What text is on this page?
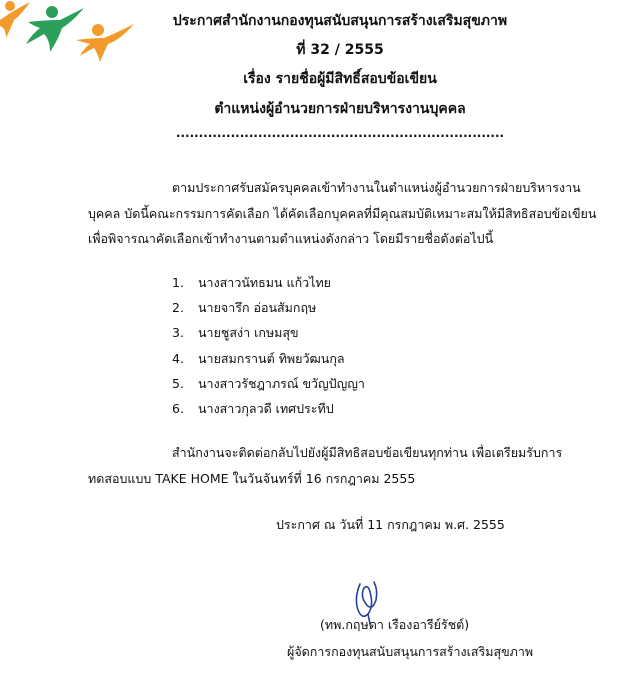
ประกาศสำนักงานกองทุนสนับสนุนการสร้างเสริมสุขภาพ
ที่ 32 / 2555
เรื่อง รายชื่อผู้มีสิทธิ์สอบข้อเขียน
ตำแหน่งผู้อำนวยการฝ่ายบริหารงานบุคคล
........................................................................
ตามประกาศรับสมัครบุคคลเข้าทำงานในตำแหน่งผู้อำนวยการฝ่ายบริหารงาน
บุคคล บัดนี้คณะกรรมการคัดเลือก ได้คัดเลือกบุคคลที่มีคุณสมบัติเหมาะสมให้มีสิทธิสอบข้อเขียน
เพื่อพิจารณาคัดเลือกเข้าทำงานตามตำแหน่งดังกล่าว โดยมีรายชื่อดังต่อไปนี้
1. นางสาวนัทธมน แก้วไทย
2. นายจารึก อ่อนสัมกฤษ
3. นายชูสง่า เกษมสุข
4. นายสมกรานต์ ทิพยวัฒนกุล
5. นางสาวรัชฎาภรณ์ ขวัญปัญญา
6. นางสาวกุลวดี เทศประทีป
สำนักงานจะติดต่อกลับไปยังผู้มีสิทธิสอบข้อเขียนทุกท่าน เพื่อเตรียมรับการ
ทดสอบแบบ TAKE HOME ในวันจันทร์ที่ 16 กรกฎาคม 2555
ประกาศ ณ วันที่ 11 กรกฎาคม พ.ศ. 2555
(ทพ.กฤษดา เรืองอารีย์รัชต์)
ผู้จัดการกองทุนสนับสนุนการสร้างเสริมสุขภาพ
